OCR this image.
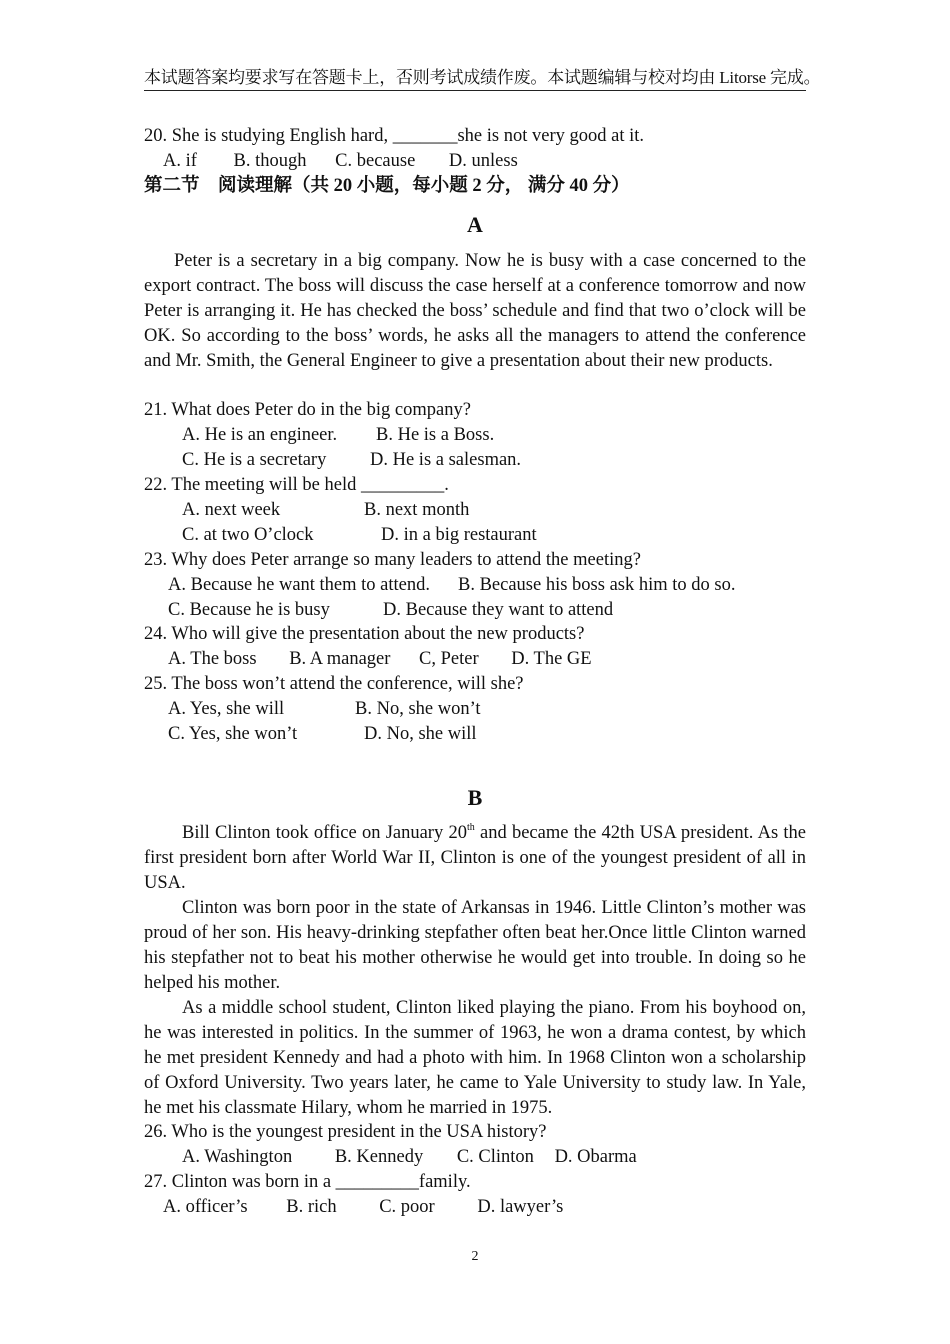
本试题答案均要求写在答题卡上，否则考试成绩作废。本试题编辑与校对均由 Litorse 完成。
20. She is studying English hard, _______she is not very good at it.
A. if B. though C. because D. unless
第二节　阅读理解（共 20 小题，每小题 2 分， 满分 40 分）
A
Peter is a secretary in a big company. Now he is busy with a case concerned to the export contract. The boss will discuss the case herself at a conference tomorrow and now Peter is arranging it. He has checked the boss’ schedule and find that two o’clock will be OK. So according to the boss’ words, he asks all the managers to attend the conference and Mr. Smith, the General Engineer to give a presentation about their new products.
21. What does Peter do in the big company?
A. He is an engineer. B. He is a Boss.
C. He is a secretary D. He is a salesman.
22. The meeting will be held _________.
A. next week	B. next month
C. at two O’clock	D. in a big restaurant
23. Why does Peter arrange so many leaders to attend the meeting?
A. Because he want them to attend. B. Because his boss ask him to do so.
C. Because he is busy	D. Because they want to attend
24. Who will give the presentation about the new products?
A. The boss B. A manager C, Peter D. The GE
25. The boss won’t attend the conference, will she?
A. Yes, she will	B. No, she won’t
C. Yes, she won’t	D. No, she will
B
Bill Clinton took office on January 20th and became the 42th USA president. As the first president born after World War II, Clinton is one of the youngest president of all in USA.
Clinton was born poor in the state of Arkansas in 1946. Little Clinton’s mother was proud of her son. His heavy-drinking stepfather often beat her.Once little Clinton warned his stepfather not to beat his mother otherwise he would get into trouble. In doing so he helped his mother.
As a middle school student, Clinton liked playing the piano. From his boyhood on, he was interested in politics. In the summer of 1963, he won a drama contest, by which he met president Kennedy and had a photo with him. In 1968 Clinton won a scholarship of Oxford University. Two years later, he came to Yale University to study law. In Yale, he met his classmate Hilary, whom he married in 1975.
26. Who is the youngest president in the USA history?
A. Washington B. Kennedy C. Clinton D. Obarma
27. Clinton was born in a _________family.
A. officer’s B. rich C. poor D. lawyer’s
2
